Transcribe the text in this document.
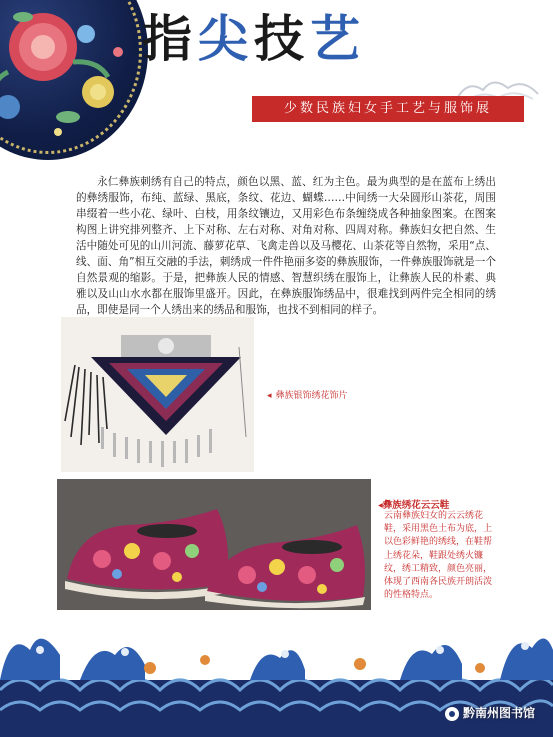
指尖技艺
少数民族妇女手工艺与服饰展

永仁彝族刺绣有自己的特点，颜色以黑、蓝、红为主色。最为典型的是在蓝布上绣出的彝绣服饰，布纯、蓝绿、黑底，条纹、花边、蝴蝶……中间绣一大朵圆形山茶花，周围串缀着一些小花、绿叶、白枝，用条纹镶边，又用彩色布条缠绕成各种抽象图案。在图案构图上讲究排列整齐、上下对称、左右对称、对角对称、四周对称。彝族妇女把自然、生活中随处可见的山川河流、藤萝花草、飞禽走兽以及马樱花、山茶花等自然物，采用“点、线、面、角”相互交融的手法，刺绣成一件件艳丽多姿的彝族服饰，一件彝族服饰就是一个自然景观的缩影。于是，把彝族人民的情感、智慧织绣在服饰上，让彝族人民的朴素、典雅以及山山水水都在服饰里盛开。因此，在彝族服饰绣品中，很难找到两件完全相同的绣品，即使是同一个人绣出来的绣品和服饰，也找不到相同的样子。

◂ 彝族银饰绣花饰片
◂彝族绣花云云鞋
云南彝族妇女的云云绣花鞋，采用黑色土布为底，上以色彩鲜艳的绣线，在鞋帮上绣花朵，鞋跟处绣火镰纹，绣工精致，颜色亮丽，体现了西南各民族开朗活泼的性格特点。
黔南州图书馆
